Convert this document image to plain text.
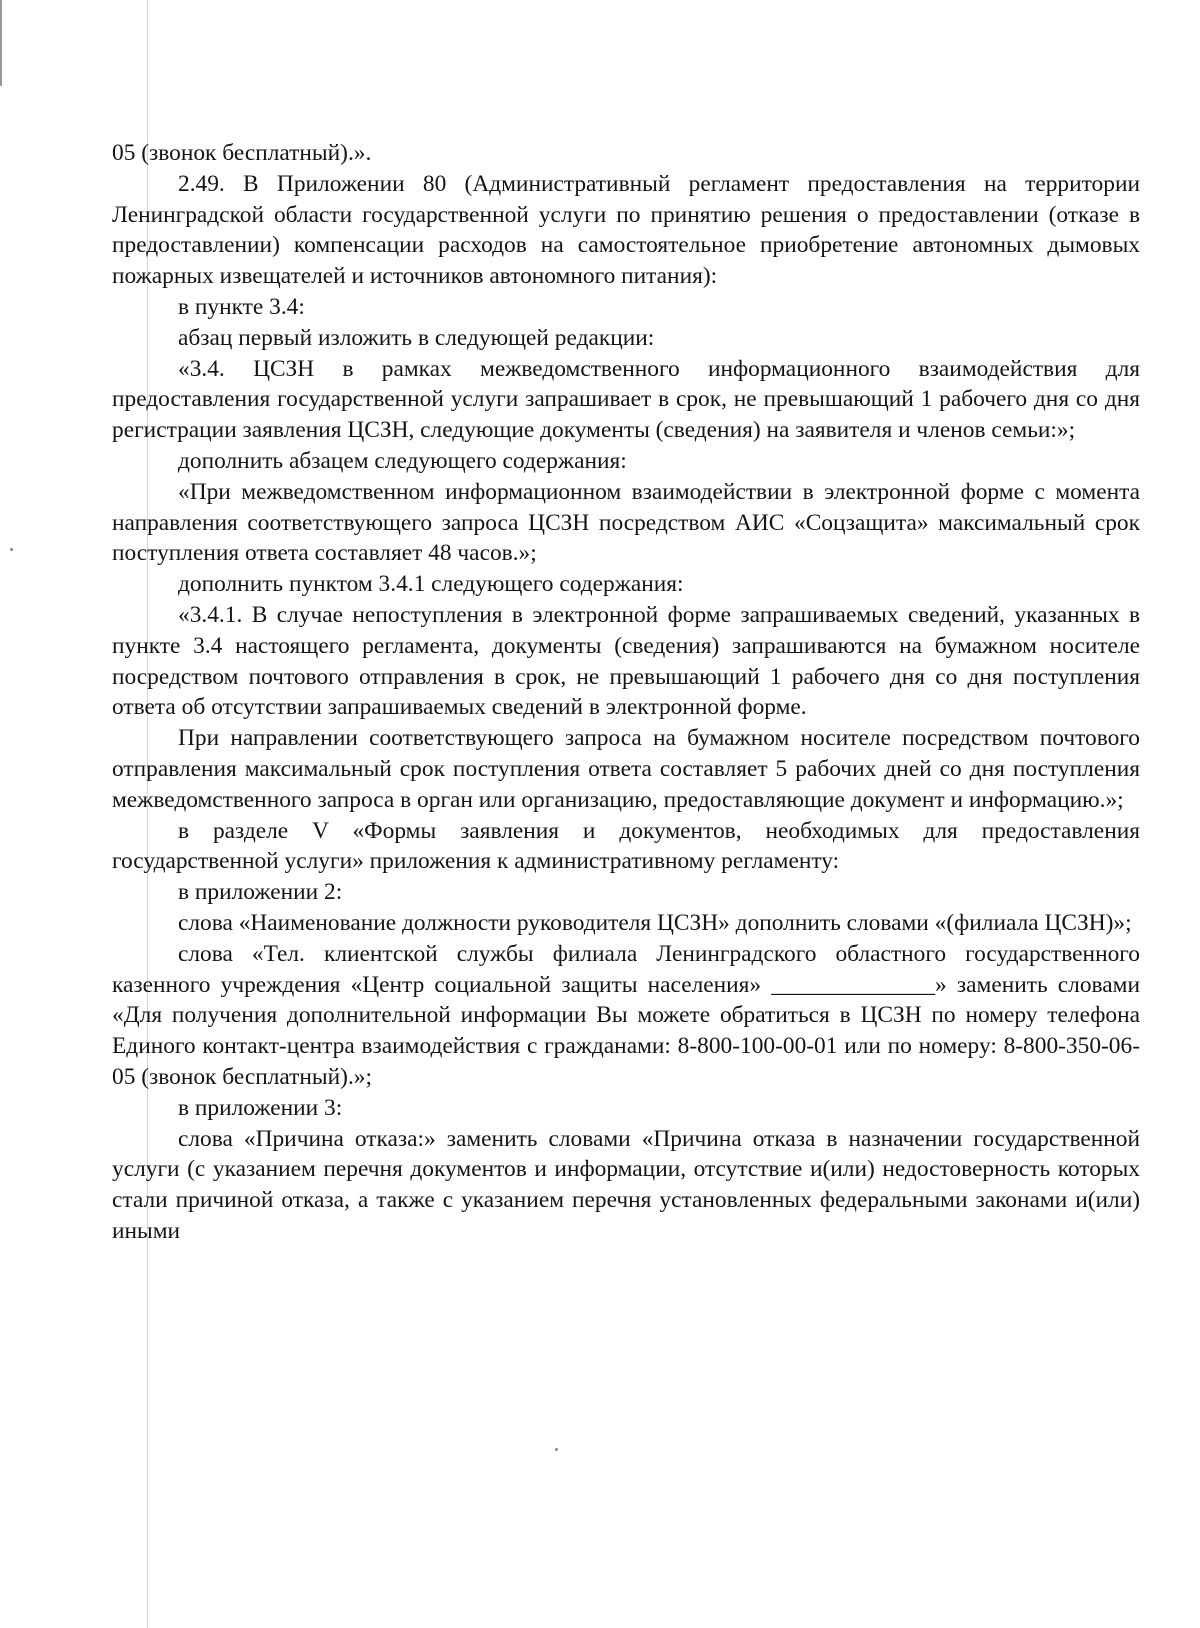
05 (звонок бесплатный).».

2.49. В Приложении 80 (Административный регламент предоставления на территории Ленинградской области государственной услуги по принятию решения о предоставлении (отказе в предоставлении) компенсации расходов на самостоятельное приобретение автономных дымовых пожарных извещателей и источников автономного питания):

в пункте 3.4:

абзац первый изложить в следующей редакции:

«3.4. ЦСЗН в рамках межведомственного информационного взаимодействия для предоставления государственной услуги запрашивает в срок, не превышающий 1 рабочего дня со дня регистрации заявления ЦСЗН, следующие документы (сведения) на заявителя и членов семьи:»;

дополнить абзацем следующего содержания:

«При межведомственном информационном взаимодействии в электронной форме с момента направления соответствующего запроса ЦСЗН посредством АИС «Соцзащита» максимальный срок поступления ответа составляет 48 часов.»;

дополнить пунктом 3.4.1 следующего содержания:

«3.4.1. В случае непоступления в электронной форме запрашиваемых сведений, указанных в пункте 3.4 настоящего регламента, документы (сведения) запрашиваются на бумажном носителе посредством почтового отправления в срок, не превышающий 1 рабочего дня со дня поступления ответа об отсутствии запрашиваемых сведений в электронной форме.

При направлении соответствующего запроса на бумажном носителе посредством почтового отправления максимальный срок поступления ответа составляет 5 рабочих дней со дня поступления межведомственного запроса в орган или организацию, предоставляющие документ и информацию.»;

в разделе V «Формы заявления и документов, необходимых для предоставления государственной услуги» приложения к административному регламенту:

в приложении 2:

слова «Наименование должности руководителя ЦСЗН» дополнить словами «(филиала ЦСЗН)»;

слова «Тел. клиентской службы филиала Ленинградского областного государственного казенного учреждения «Центр социальной защиты населения» ______________» заменить словами «Для получения дополнительной информации Вы можете обратиться в ЦСЗН по номеру телефона Единого контакт-центра взаимодействия с гражданами: 8-800-100-00-01 или по номеру: 8-800-350-06-05 (звонок бесплатный).»;

в приложении 3:

слова «Причина отказа:» заменить словами «Причина отказа в назначении государственной услуги (с указанием перечня документов и информации, отсутствие и(или) недостоверность которых стали причиной отказа, а также с указанием перечня установленных федеральными законами и(или) иными
